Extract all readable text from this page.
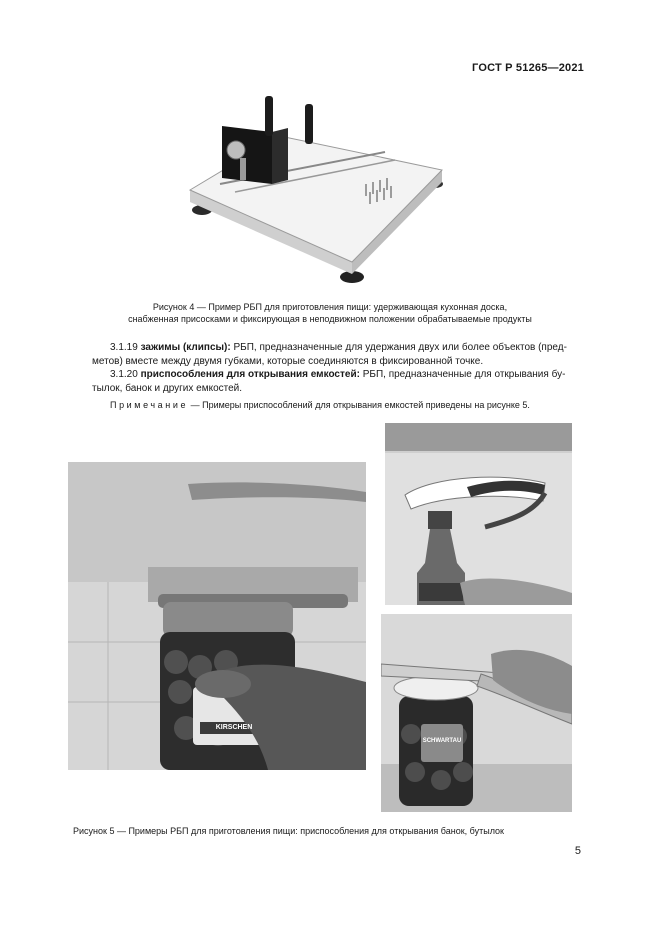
ГОСТ Р 51265—2021
Рисунок 4 — Пример РБП для приготовления пищи: удерживающая кухонная доска,
снабженная присосками и фиксирующая в неподвижном положении обрабатываемые продукты
3.1.19 зажимы (клипсы): РБП, предназначенные для удержания двух или более объектов (пред-
метов) вместе между двумя губками, которые соединяются в фиксированной точке.
3.1.20 приспособления для открывания емкостей: РБП, предназначенные для открывания бу-
тылок, банок и других емкостей.
Примечание — Примеры приспособлений для открывания емкостей приведены на рисунке 5.
KIRSCHEN
SCHWARTAU
Рисунок 5 — Примеры РБП для приготовления пищи: приспособления для открывания банок, бутылок
5
